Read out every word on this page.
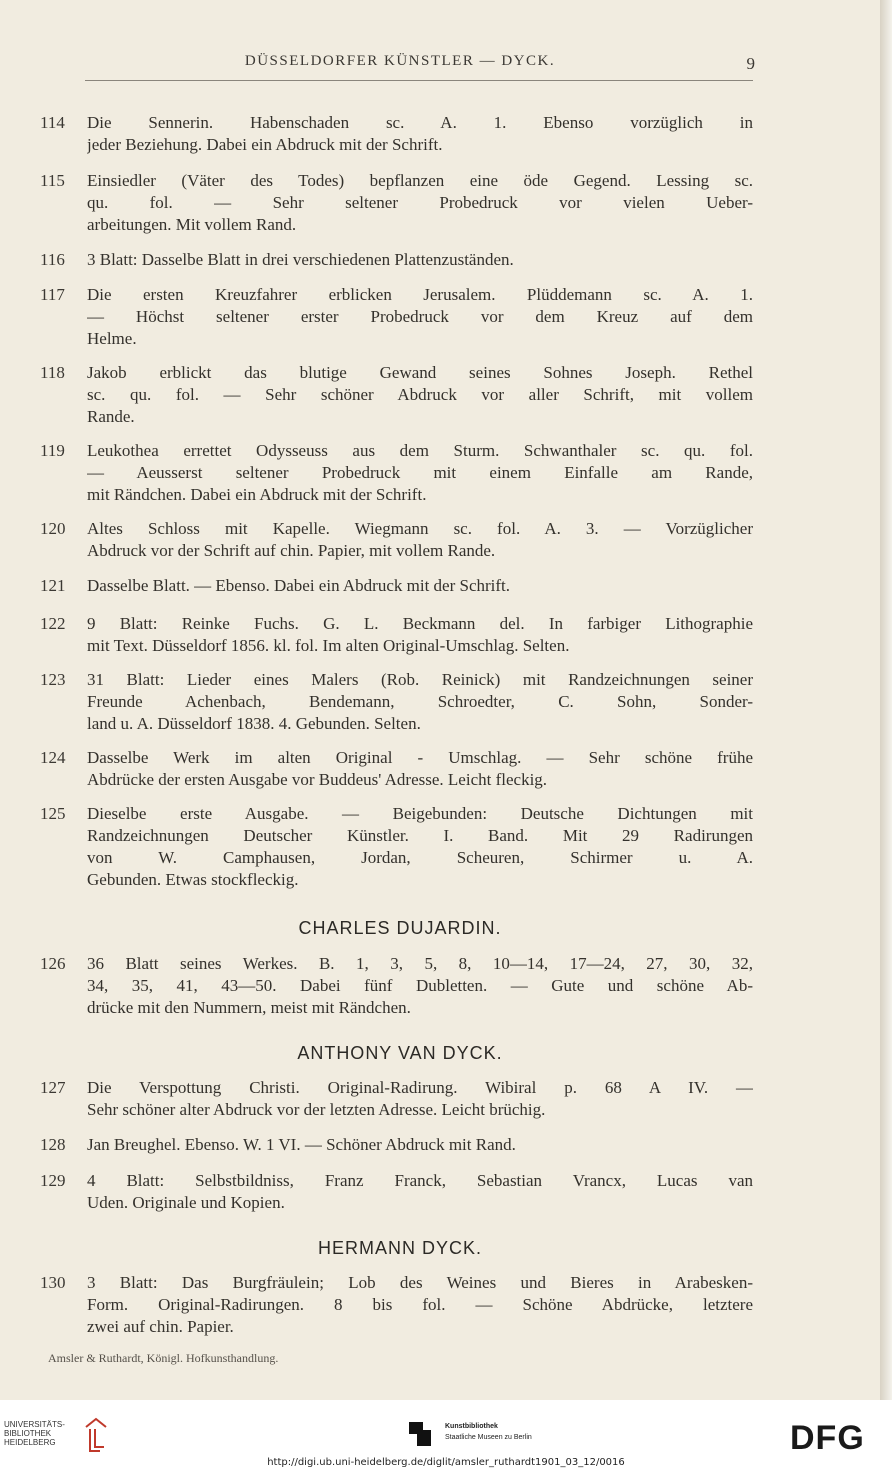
DÜSSELDORFER KÜNSTLER — DYCK.	9
114	Die Sennerin. Habenschaden sc. A. 1. Ebenso vorzüglich in
jeder Beziehung. Dabei ein Abdruck mit der Schrift.
115	Einsiedler (Väter des Todes) bepflanzen eine öde Gegend. Lessing sc.
qu. fol. — Sehr seltener Probedruck vor vielen Ueber-
arbeitungen. Mit vollem Rand.
116	3 Blatt: Dasselbe Blatt in drei verschiedenen Plattenzuständen.
117	Die ersten Kreuzfahrer erblicken Jerusalem. Plüddemann sc. A. 1.
— Höchst seltener erster Probedruck vor dem Kreuz auf dem
Helme.
118	Jakob erblickt das blutige Gewand seines Sohnes Joseph. Rethel
sc. qu. fol. — Sehr schöner Abdruck vor aller Schrift, mit vollem
Rande.
119	Leukothea errettet Odysseuss aus dem Sturm. Schwanthaler sc. qu. fol.
— Aeusserst seltener Probedruck mit einem Einfalle am Rande,
mit Rändchen. Dabei ein Abdruck mit der Schrift.
120	Altes Schloss mit Kapelle. Wiegmann sc. fol. A. 3. — Vorzüglicher
Abdruck vor der Schrift auf chin. Papier, mit vollem Rande.
121	Dasselbe Blatt. — Ebenso. Dabei ein Abdruck mit der Schrift.
122	9 Blatt: Reinke Fuchs. G. L. Beckmann del. In farbiger Lithographie
mit Text. Düsseldorf 1856. kl. fol. Im alten Original-Umschlag. Selten.
123	31 Blatt: Lieder eines Malers (Rob. Reinick) mit Randzeichnungen seiner
Freunde Achenbach, Bendemann, Schroedter, C. Sohn, Sonder-
land u. A. Düsseldorf 1838. 4. Gebunden. Selten.
124	Dasselbe Werk im alten Original - Umschlag. — Sehr schöne frühe
Abdrücke der ersten Ausgabe vor Buddeus' Adresse. Leicht fleckig.
125	Dieselbe erste Ausgabe. — Beigebunden: Deutsche Dichtungen mit
Randzeichnungen Deutscher Künstler. I. Band. Mit 29 Radirungen
von W. Camphausen, Jordan, Scheuren, Schirmer u. A.
Gebunden. Etwas stockfleckig.
CHARLES DUJARDIN.
126	36 Blatt seines Werkes. B. 1, 3, 5, 8, 10—14, 17—24, 27, 30, 32,
34, 35, 41, 43—50. Dabei fünf Dubletten. — Gute und schöne Ab-
drücke mit den Nummern, meist mit Rändchen.
ANTHONY VAN DYCK.
127	Die Verspottung Christi. Original-Radirung. Wibiral p. 68 A IV. —
Sehr schöner alter Abdruck vor der letzten Adresse. Leicht brüchig.
128	Jan Breughel. Ebenso. W. 1 VI. — Schöner Abdruck mit Rand.
129	4 Blatt: Selbstbildniss, Franz Franck, Sebastian Vrancx, Lucas van
Uden. Originale und Kopien.
HERMANN DYCK.
130	3 Blatt: Das Burgfräulein; Lob des Weines und Bieres in Arabesken-
Form. Original-Radirungen. 8 bis fol. — Schöne Abdrücke, letztere
zwei auf chin. Papier.
Amsler & Ruthardt, Königl. Hofkunsthandlung.
UNIVERSITÄTS-
BIBLIOTHEK
HEIDELBERG
Kunstbibliothek
Staatliche Museen zu Berlin	DFG
http://digi.ub.uni-heidelberg.de/diglit/amsler_ruthardt1901_03_12/0016
